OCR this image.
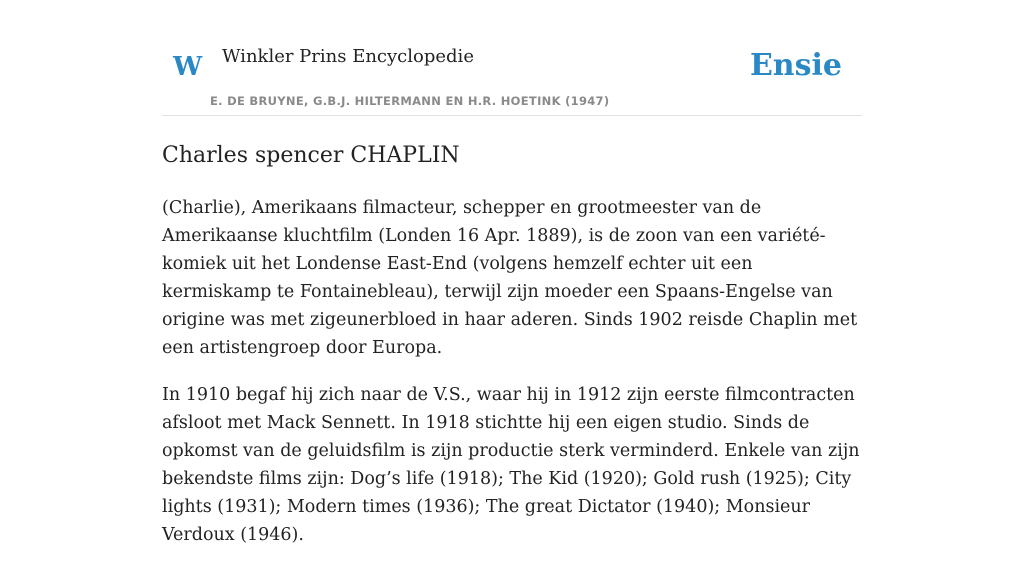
W Winkler Prins Encyclopedie
E. DE BRUYNE, G.B.J. HILTERMANN EN H.R. HOETINK (1947)
Ensie
Charles spencer CHAPLIN

(Charlie), Amerikaans filmacteur, schepper en grootmeester van de Amerikaanse kluchtfilm (Londen 16 Apr. 1889), is de zoon van een variété-komiek uit het Londense East-End (volgens hemzelf echter uit een kermiskamp te Fontainebleau), terwijl zijn moeder een Spaans-Engelse van origine was met zigeunerbloed in haar aderen. Sinds 1902 reisde Chaplin met een artistengroep door Europa.

In 1910 begaf hij zich naar de V.S., waar hij in 1912 zijn eerste filmcontracten afsloot met Mack Sennett. In 1918 stichtte hij een eigen studio. Sinds de opkomst van de geluidsfilm is zijn productie sterk verminderd. Enkele van zijn bekendste films zijn: Dog’s life (1918); The Kid (1920); Gold rush (1925); City lights (1931); Modern times (1936); The great Dictator (1940); Monsieur Verdoux (1946).
